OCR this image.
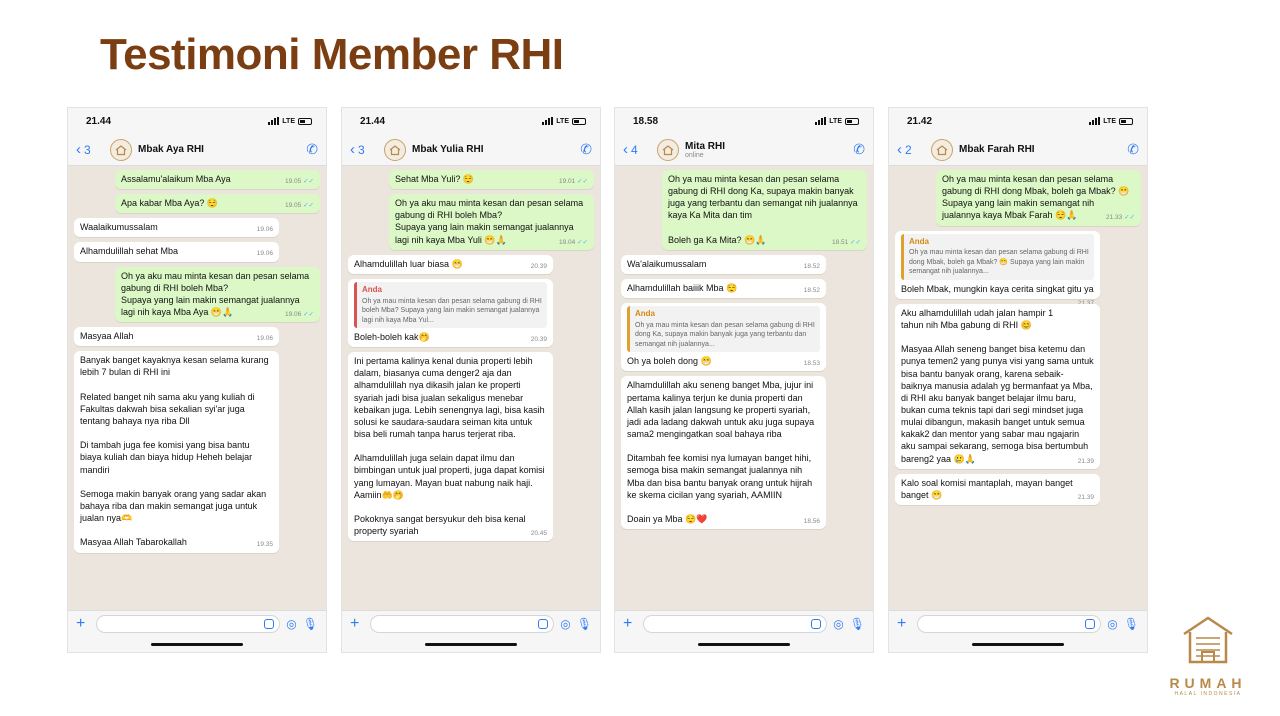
Testimoni Member RHI
21.44	LTE
‹ 3	Mbak Aya RHI	✆
Assalamu'alaikum Mba Aya	19.05 ✓✓
Apa kabar Mba Aya? 😌	19.05 ✓✓
Waalaikumussalam	19.06
Alhamdulillah sehat Mba	19.06
Oh ya aku mau minta kesan dan pesan selama gabung di RHI boleh Mba?
Supaya yang lain makin semangat jualannya lagi nih kaya Mba Aya 😁🙏	19.06 ✓✓
Masyaa Allah	19.06
Banyak banget kayaknya kesan selama kurang lebih 7 bulan di RHI ini

Related banget nih sama aku yang kuliah di Fakultas dakwah bisa sekalian syi'ar juga tentang bahaya nya riba Dll

Di tambah juga fee komisi yang bisa bantu biaya kuliah dan biaya hidup Heheh belajar mandiri

Semoga makin banyak orang yang sadar akan bahaya riba dan makin semangat juga untuk jualan nya🫶

Masyaa Allah Tabarokallah	19.35
+	◎ 🎙
21.44	LTE
‹ 3	Mbak Yulia RHI	✆
Sehat Mba Yuli? 😌	19.01 ✓✓
Oh ya aku mau minta kesan dan pesan selama gabung di RHI boleh Mba?
Supaya yang lain makin semangat jualannya lagi nih kaya Mba Yuli 😁🙏	19.04 ✓✓
Alhamdulillah luar biasa 😁	20.39
Anda
Oh ya mau minta kesan dan pesan selama gabung di RHI boleh Mba? Supaya yang lain makin semangat jualannya lagi nih kaya Mba Yul...
Boleh-boleh kak🤭	20.39
Ini pertama kalinya kenal dunia properti lebih dalam, biasanya cuma denger2 aja dan alhamdulillah nya dikasih jalan ke properti syariah jadi bisa jualan sekaligus menebar kebaikan juga. Lebih senengnya lagi, bisa kasih solusi ke saudara-saudara seiman kita untuk bisa beli rumah tanpa harus terjerat riba.

Alhamdulillah juga selain dapat ilmu dan bimbingan untuk jual properti, juga dapat komisi yang lumayan. Mayan buat nabung naik haji. Aamiin🤲🤭

Pokoknya sangat bersyukur deh bisa kenal property syariah	20.45
+	◎ 🎙
18.58	LTE
‹ 4	Mita RHI
online	✆
Oh ya mau minta kesan dan pesan selama gabung di RHI dong Ka, supaya makin banyak juga yang terbantu dan semangat nih jualannya kaya Ka Mita dan tim

Boleh ga Ka Mita? 😁🙏	18.51 ✓✓
Wa'alaikumussalam	18.52
Alhamdulillah baiiik Mba 😌	18.52
Anda
Oh ya mau minta kesan dan pesan selama gabung di RHI dong Ka, supaya makin banyak juga yang terbantu dan semangat nih jualannya...
Oh ya boleh dong 😁	18.53
Alhamdulillah aku seneng banget Mba, jujur ini pertama kalinya terjun ke dunia properti dan Allah kasih jalan langsung ke properti syariah, jadi ada ladang dakwah untuk aku juga supaya sama2 mengingatkan soal bahaya riba

Ditambah fee komisi nya lumayan banget hihi, semoga bisa makin semangat jualannya nih Mba dan bisa bantu banyak orang untuk hijrah ke skema cicilan yang syariah, AAMIIN

Doain ya Mba 😌❤️	18.56
+	◎ 🎙
21.42	LTE
‹ 2	Mbak Farah RHI	✆
Oh ya mau minta kesan dan pesan selama gabung di RHI dong Mbak, boleh ga Mbak? 😁
Supaya yang lain makin semangat nih jualannya kaya Mbak Farah 😌🙏	21.33 ✓✓
Anda
Oh ya mau minta kesan dan pesan selama gabung di RHI dong Mbak, boleh ga Mbak? 😁 Supaya yang lain makin semangat nih jualannya...
Boleh Mbak, mungkin kaya cerita singkat gitu ya
Aku alhamdulillah udah jalan hampir 1 tahun nih Mba gabung di RHI 😊

Masyaa Allah seneng banget bisa ketemu dan punya temen2 yang punya visi yang sama untuk bisa bantu banyak orang, karena sebaik-baiknya manusia adalah yg bermanfaat ya Mba, di RHI aku banyak banget belajar ilmu baru, bukan cuma teknis tapi dari segi mindset juga mulai dibangun, makasih banget untuk semua kakak2 dan mentor yang sabar mau ngajarin aku sampai sekarang, semoga bisa bertumbuh bareng2 yaa 🥲🙏	21.39
Kalo soal komisi mantaplah, mayan banget banget 😁	21.39
+	◎ 🎙
RUMAH
HALAL INDONESIA
